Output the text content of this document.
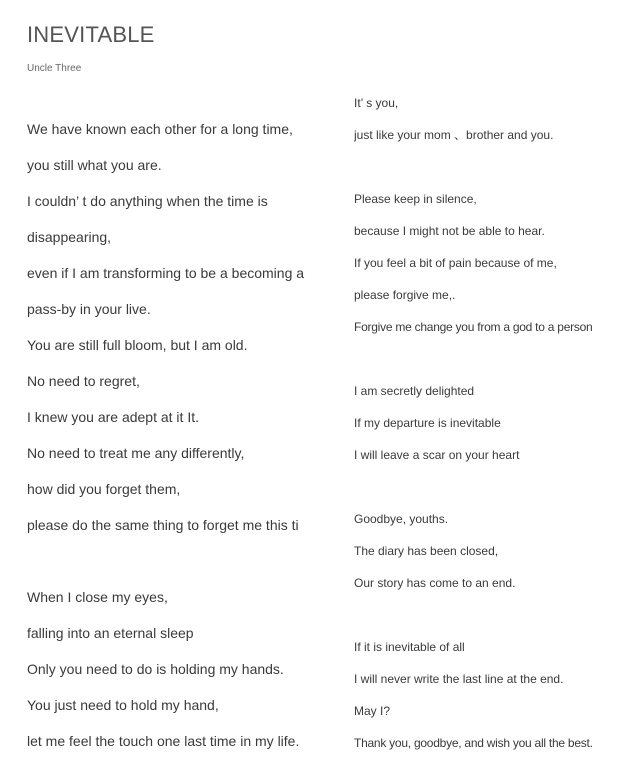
INEVITABLE
Uncle Three
We have known each other for a long time,
you still what you are.
I couldn’ t do anything when the time is
disappearing,
even if I am transforming to be a becoming a
pass-by in your live.
You are still full bloom, but I am old.
No need to regret,
I knew you are adept at it It.
No need to treat me any differently,
how did you forget them,
please do the same thing to forget me this ti
When I close my eyes,
falling into an eternal sleep
Only you need to do is holding my hands.
You just need to hold my hand,
let me feel the touch one last time in my life.
It’ s you,
just like your mom 、brother and you.
Please keep in silence,
because I might not be able to hear.
If you feel a bit of pain because of me,
please forgive me,.
Forgive me change you from a god to a person
I am secretly delighted
If my departure is inevitable
I will leave a scar on your heart
Goodbye, youths.
The diary has been closed,
Our story has come to an end.
If it is inevitable of all
I will never write the last line at the end.
May I?
Thank you, goodbye, and wish you all the best.
